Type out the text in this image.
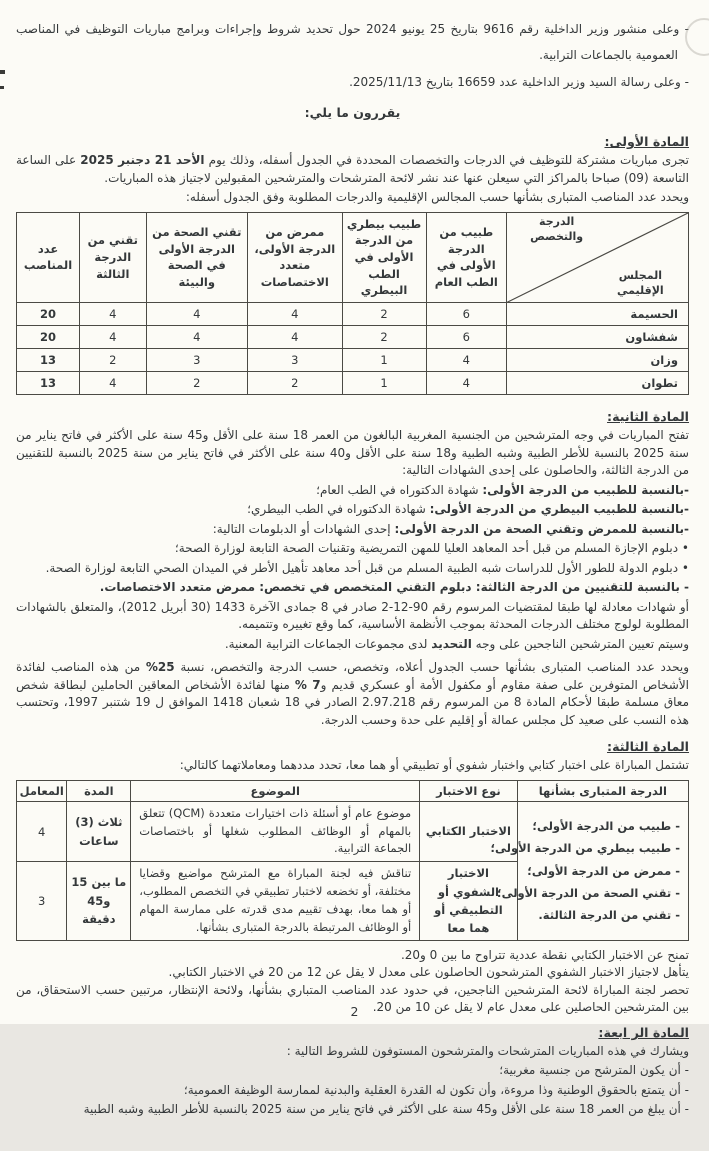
- وعلى منشور وزير الداخلية رقم 9616 بتاريخ 25 يونيو 2024 حول تحديد شروط وإجراءات وبرامج مباريات التوظيف في المناصب العمومية بالجماعات الترابية.

- وعلى رسالة السيد وزير الداخلية عدد 16659 بتاريخ 2025/11/13.

يقررون ما يلي:
المادة الأولى:

تجرى مباريات مشتركة للتوظيف في الدرجات والتخصصات المحددة في الجدول أسفله، وذلك يوم الأحد 21 دجنبر 2025 على الساعة التاسعة (09) صباحا بالمراكز التي سيعلن عنها عند نشر لائحة المترشحات والمترشحين المقبولين لاجتياز هذه المباريات.

ويحدد عدد المناصب المتبارى بشأنها حسب المجالس الإقليمية والدرجات المطلوبة وفق الجدول أسفله:

الدرجة والتخصص
المجلس الإقليمي	طبيب من الدرجة الأولى في الطب العام	طبيب بيطري من الدرجة الأولى في الطب البيطري	ممرض من الدرجة الأولى، متعدد الاختصاصات	تقني الصحة من الدرجة الأولى في الصحة والبيئة	تقني من الدرجة الثالثة	عدد المناصب
الحسيمة	6	2	4	4	4	20
شفشاون	6	2	4	4	4	20
وزان	4	1	3	3	2	13
تطوان	4	1	2	2	4	13
المادة الثانية:

تفتح المباريات في وجه المترشحين من الجنسية المغربية البالغون من العمر 18 سنة على الأقل و45 سنة على الأكثر في فاتح يناير من سنة 2025 بالنسبة للأطر الطبية وشبه الطبية و18 سنة على الأقل و40 سنة على الأكثر في فاتح يناير من سنة 2025 بالنسبة للتقنيين من الدرجة الثالثة، والحاصلون على إحدى الشهادات التالية:

-بالنسبة للطبيب من الدرجة الأولى: شهادة الدكتوراه في الطب العام؛

-بالنسبة للطبيب البيطري من الدرجة الأولى: شهادة الدكتوراه في الطب البيطري؛

-بالنسبة للممرض وتقني الصحة من الدرجة الأولى: إحدى الشهادات أو الدبلومات التالية:

• دبلوم الإجازة المسلم من قبل أحد المعاهد العليا للمهن التمريضية وتقنيات الصحة التابعة لوزارة الصحة؛

• دبلوم الدولة للطور الأول للدراسات شبه الطبية المسلم من قبل أحد معاهد تأهيل الأطر في الميدان الصحي التابعة لوزارة الصحة.

- بالنسبة للتقنيين من الدرجة الثالثة: دبلوم التقني المتخصص في تخصص: ممرض متعدد الاختصاصات.

أو شهادات معادلة لها طبقا لمقتضيات المرسوم رقم 90-12-2 صادر في 8 جمادى الآخرة 1433 (30 أبريل 2012)، والمتعلق بالشهادات المطلوبة لولوج مختلف الدرجات المحدثة بموجب الأنظمة الأساسية، كما وقع تغييره وتتميمه.

وسيتم تعيين المترشحين الناجحين على وجه التحديد لدى مجموعات الجماعات الترابية المعنية.

ويحدد عدد المناصب المتبارى بشأنها حسب الجدول أعلاه، وتخصص، حسب الدرجة والتخصص، نسبة 25% من هذه المناصب لفائدة الأشخاص المتوفرين على صفة مقاوم أو مكفول الأمة أو عسكري قديم و7 % منها لفائدة الأشخاص المعاقين الحاملين لبطاقة شخص معاق مسلمة طبقا لأحكام المادة 8 من المرسوم رقم 2.97.218 الصادر في 18 شعبان 1418 الموافق ل 19 شتنبر 1997، وتحتسب هذه النسب على صعيد كل مجلس عمالة أو إقليم على حدة وحسب الدرجة.

المادة الثالثة:

تشتمل المباراة على اختبار كتابي واختبار شفوي أو تطبيقي أو هما معا، تحدد مددهما ومعاملاتهما كالتالي:

الدرجة المتبارى بشأنها	نوع الاختبار	الموضوع	المدة	المعامل

- طبيب من الدرجة الأولى؛
- طبيب بيطري من الدرجة الأولى؛
- ممرض من الدرجة الأولى؛
- تقني الصحة من الدرجة الأولى؛
- تقني من الدرجة الثالثة.	الاختبار الكتابي	موضوع عام أو أسئلة ذات اختيارات متعددة (QCM) تتعلق بالمهام أو الوظائف المطلوب شغلها أو باختصاصات الجماعة الترابية.	ثلاث (3) ساعات	4
	الاختبار الشفوي أو التطبيقي أو هما معا	تناقش فيه لجنة المباراة مع المترشح مواضيع وقضايا مختلفة، أو تخضعه لاختبار تطبيقي في التخصص المطلوب، أو هما معا، بهدف تقييم مدى قدرته على ممارسة المهام أو الوظائف المرتبطة بالدرجة المتبارى بشأنها.	ما بين 15 و45 دقيقة	3

تمنح عن الاختبار الكتابي نقطة عددية تتراوح ما بين 0 و20.

يتأهل لاجتياز الاختبار الشفوي المترشحون الحاصلون على معدل لا يقل عن 12 من 20 في الاختبار الكتابي.

تحصر لجنة المباراة لائحة المترشحين الناجحين، في حدود عدد المناصب المتباري بشأنها، ولائحة الإنتظار، مرتبين حسب الاستحقاق، من بين المترشحين الحاصلين على معدل عام لا يقل عن 10 من 20.

المادة الر ابعة:

ويشارك في هذه المباريات المترشحات والمترشحون المستوفون للشروط التالية :

- أن يكون المترشح من جنسية مغربية؛

- أن يتمتع بالحقوق الوطنية وذا مروءة، وأن تكون له القدرة العقلية والبدنية لممارسة الوظيفة العمومية؛

- أن يبلغ من العمر 18 سنة على الأقل و45 سنة على الأكثر في فاتح يناير من سنة 2025 بالنسبة للأطر الطبية وشبه الطبية

2
